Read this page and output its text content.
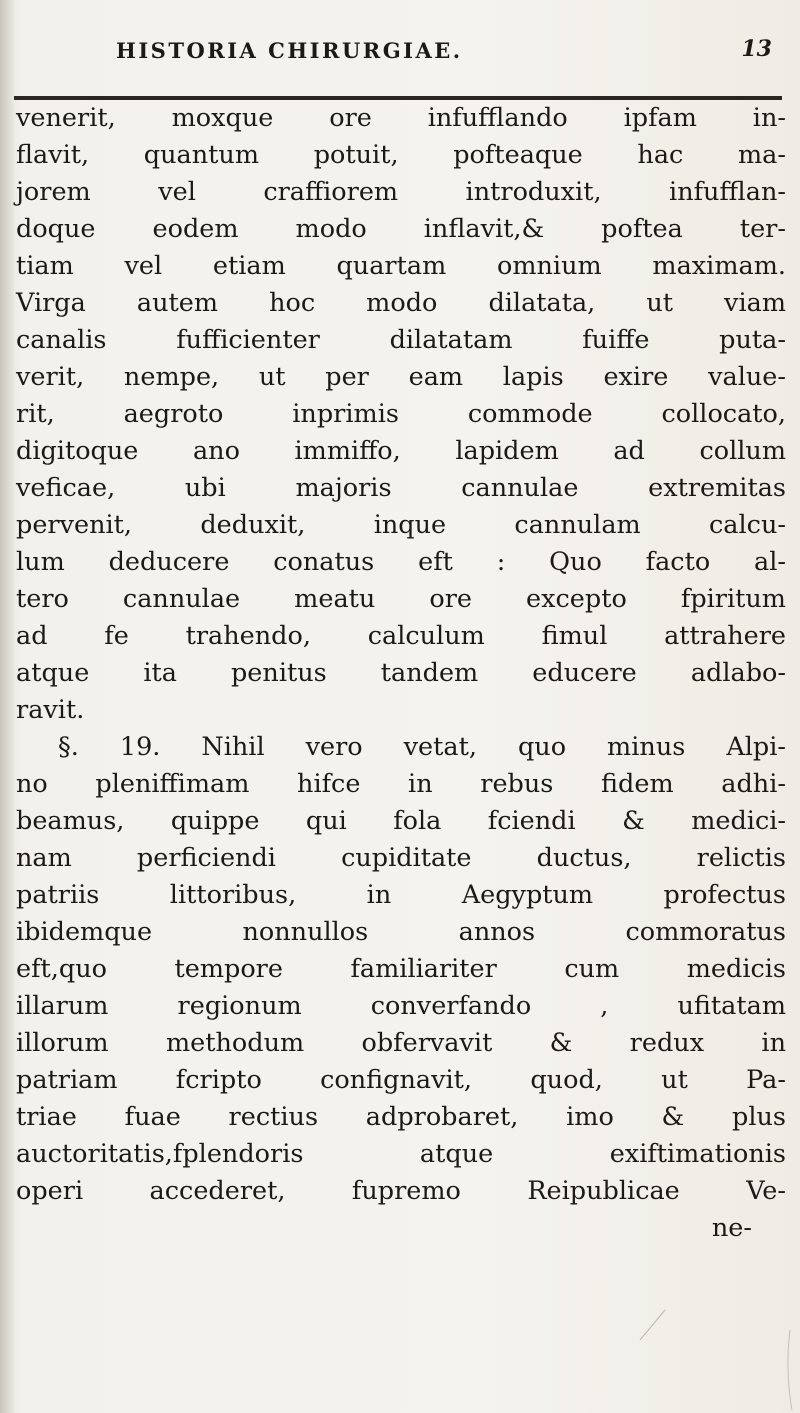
HISTORIA CHIRURGIAE.	13
venerit, moxque ore infufflando ipfam in-
flavit, quantum potuit, pofteaque hac ma-
jorem vel craffiorem introduxit, infufflan-
doque eodem modo inflavit,& poftea ter-
tiam vel etiam quartam omnium maximam.
Virga autem hoc modo dilatata, ut viam
canalis fufficienter dilatatam fuiffe puta-
verit, nempe, ut per eam lapis exire value-
rit, aegroto inprimis commode collocato,
digitoque ano immiffo, lapidem ad collum
veficae, ubi majoris cannulae extremitas
pervenit, deduxit, inque cannulam calcu-
lum deducere conatus eft : Quo facto al-
tero cannulae meatu ore excepto fpiritum
ad fe trahendo, calculum fimul attrahere
atque ita penitus tandem educere adlabo-
ravit.
§. 19. Nihil vero vetat, quo minus Alpi-
no pleniffimam hifce in rebus fidem adhi-
beamus, quippe qui fola fciendi & medici-
nam perficiendi cupiditate ductus, relictis
patriis littoribus, in Aegyptum profectus
ibidemque nonnullos annos commoratus
eft,quo tempore familiariter cum medicis
illarum regionum converfando , ufitatam
illorum methodum obfervavit & redux in
patriam fcripto confignavit, quod, ut Pa-
triae fuae rectius adprobaret, imo & plus
auctoritatis,fplendoris atque exiftimationis
operi accederet, fupremo Reipublicae Ve-
ne-
